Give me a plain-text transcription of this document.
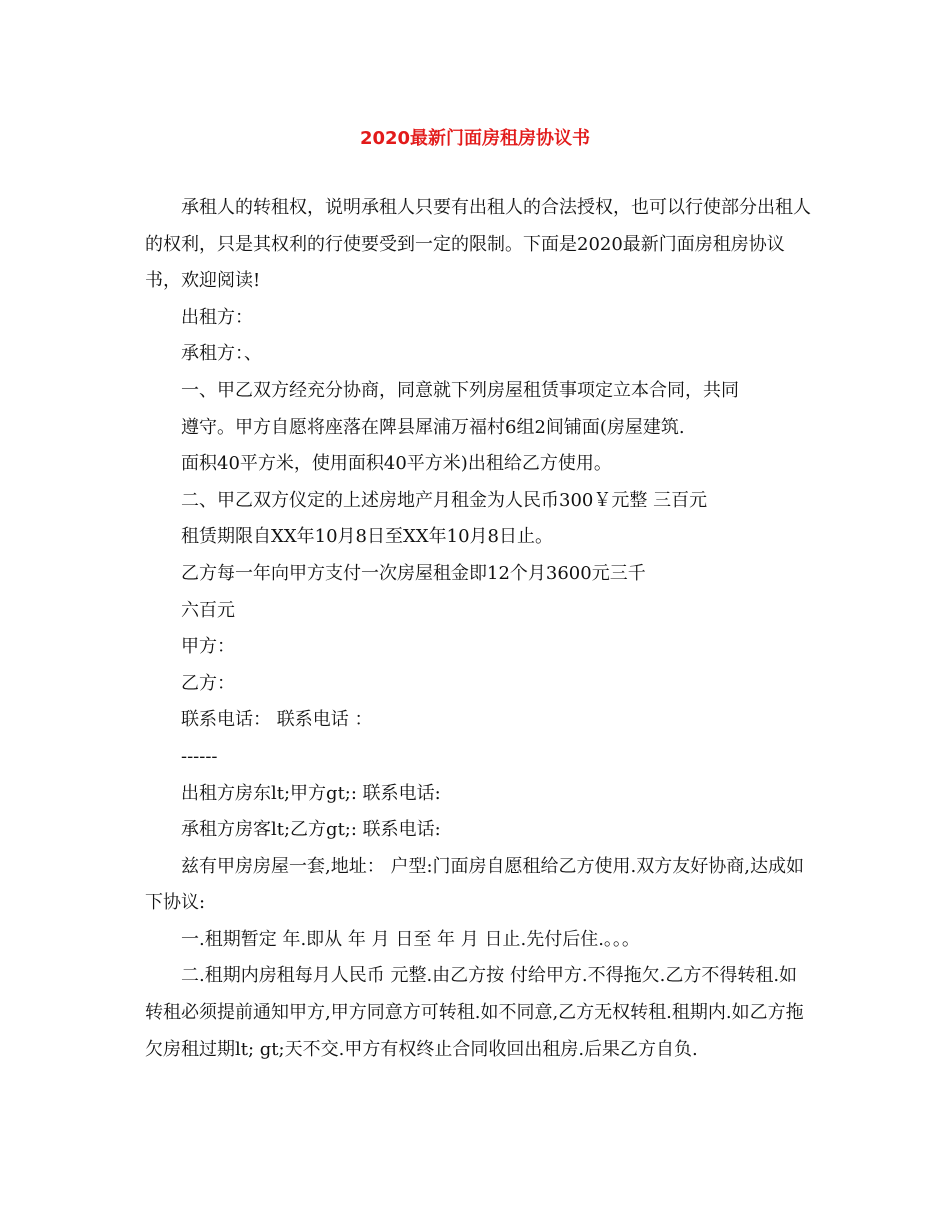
2020最新门面房租房协议书

承租人的转租权，说明承租人只要有出租人的合法授权，也可以行使部分出租人的权利，只是其权利的行使要受到一定的限制。下面是2020最新门面房租房协议书，欢迎阅读!

出租方：

承租方：、

一、甲乙双方经充分协商，同意就下列房屋租赁事项定立本合同，共同

遵守。甲方自愿将座落在陴县犀浦万福村6组2间铺面(房屋建筑.

面积40平方米，使用面积40平方米)出租给乙方使用。

二、甲乙双方仪定的上述房地产月租金为人民币300￥元整 三百元

租赁期限自XX年10月8日至XX年10月8日止。

乙方每一年向甲方支付一次房屋租金即12个月3600元三千

六百元

甲方：

乙方：

联系电话： 联系电话 ：

------

出租方房东lt;甲方gt;: 联系电话:

承租方房客lt;乙方gt;: 联系电话:

兹有甲房房屋一套,地址： 户型:门面房自愿租给乙方使用.双方友好协商,达成如下协议:

一.租期暂定 年.即从 年 月 日至 年 月 日止.先付后住.。。。

二.租期内房租每月人民币 元整.由乙方按 付给甲方.不得拖欠.乙方不得转租.如转租必须提前通知甲方,甲方同意方可转租.如不同意,乙方无权转租.租期内.如乙方拖欠房租过期lt; gt;天不交.甲方有权终止合同收回出租房.后果乙方自负.
